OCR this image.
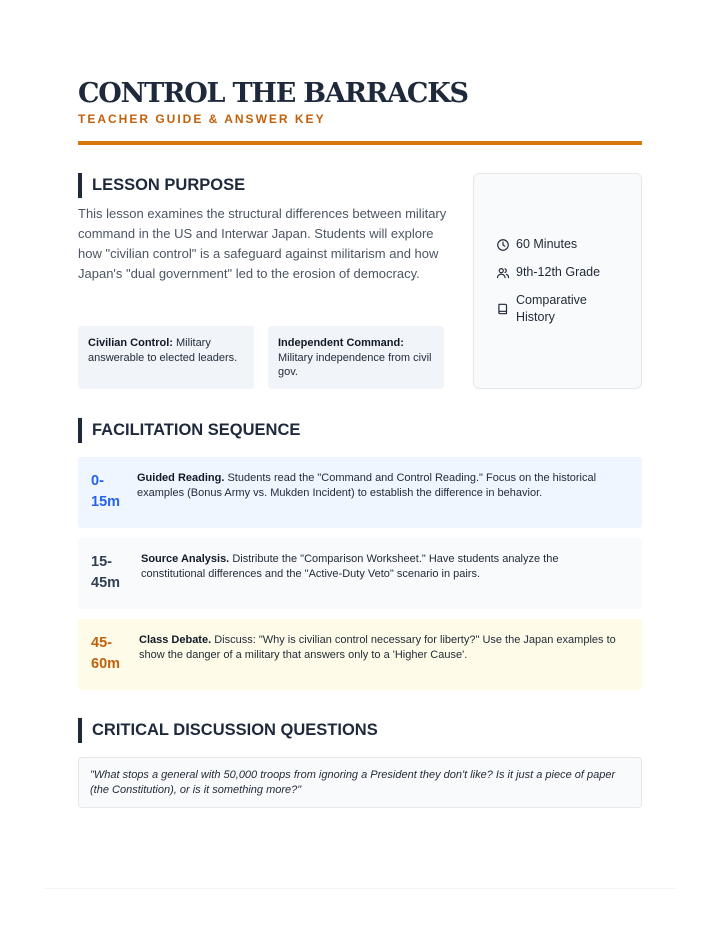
CONTROL THE BARRACKS
TEACHER GUIDE & ANSWER KEY
LESSON PURPOSE
This lesson examines the structural differences between military command in the US and Interwar Japan. Students will explore how "civilian control" is a safeguard against militarism and how Japan's "dual government" led to the erosion of democracy.
Civilian Control: Military answerable to elected leaders.
Independent Command:
Military independence from civil gov.
60 Minutes
9th-12th Grade
Comparative History
FACILITATION SEQUENCE
0-15m
Guided Reading. Students read the "Command and Control Reading." Focus on the historical examples (Bonus Army vs. Mukden Incident) to establish the difference in behavior.
15-45m
Source Analysis. Distribute the "Comparison Worksheet." Have students analyze the constitutional differences and the "Active-Duty Veto" scenario in pairs.
45-60m
Class Debate. Discuss: "Why is civilian control necessary for liberty?" Use the Japan examples to show the danger of a military that answers only to a 'Higher Cause'.
CRITICAL DISCUSSION QUESTIONS
"What stops a general with 50,000 troops from ignoring a President they don't like? Is it just a piece of paper (the Constitution), or is it something more?"
